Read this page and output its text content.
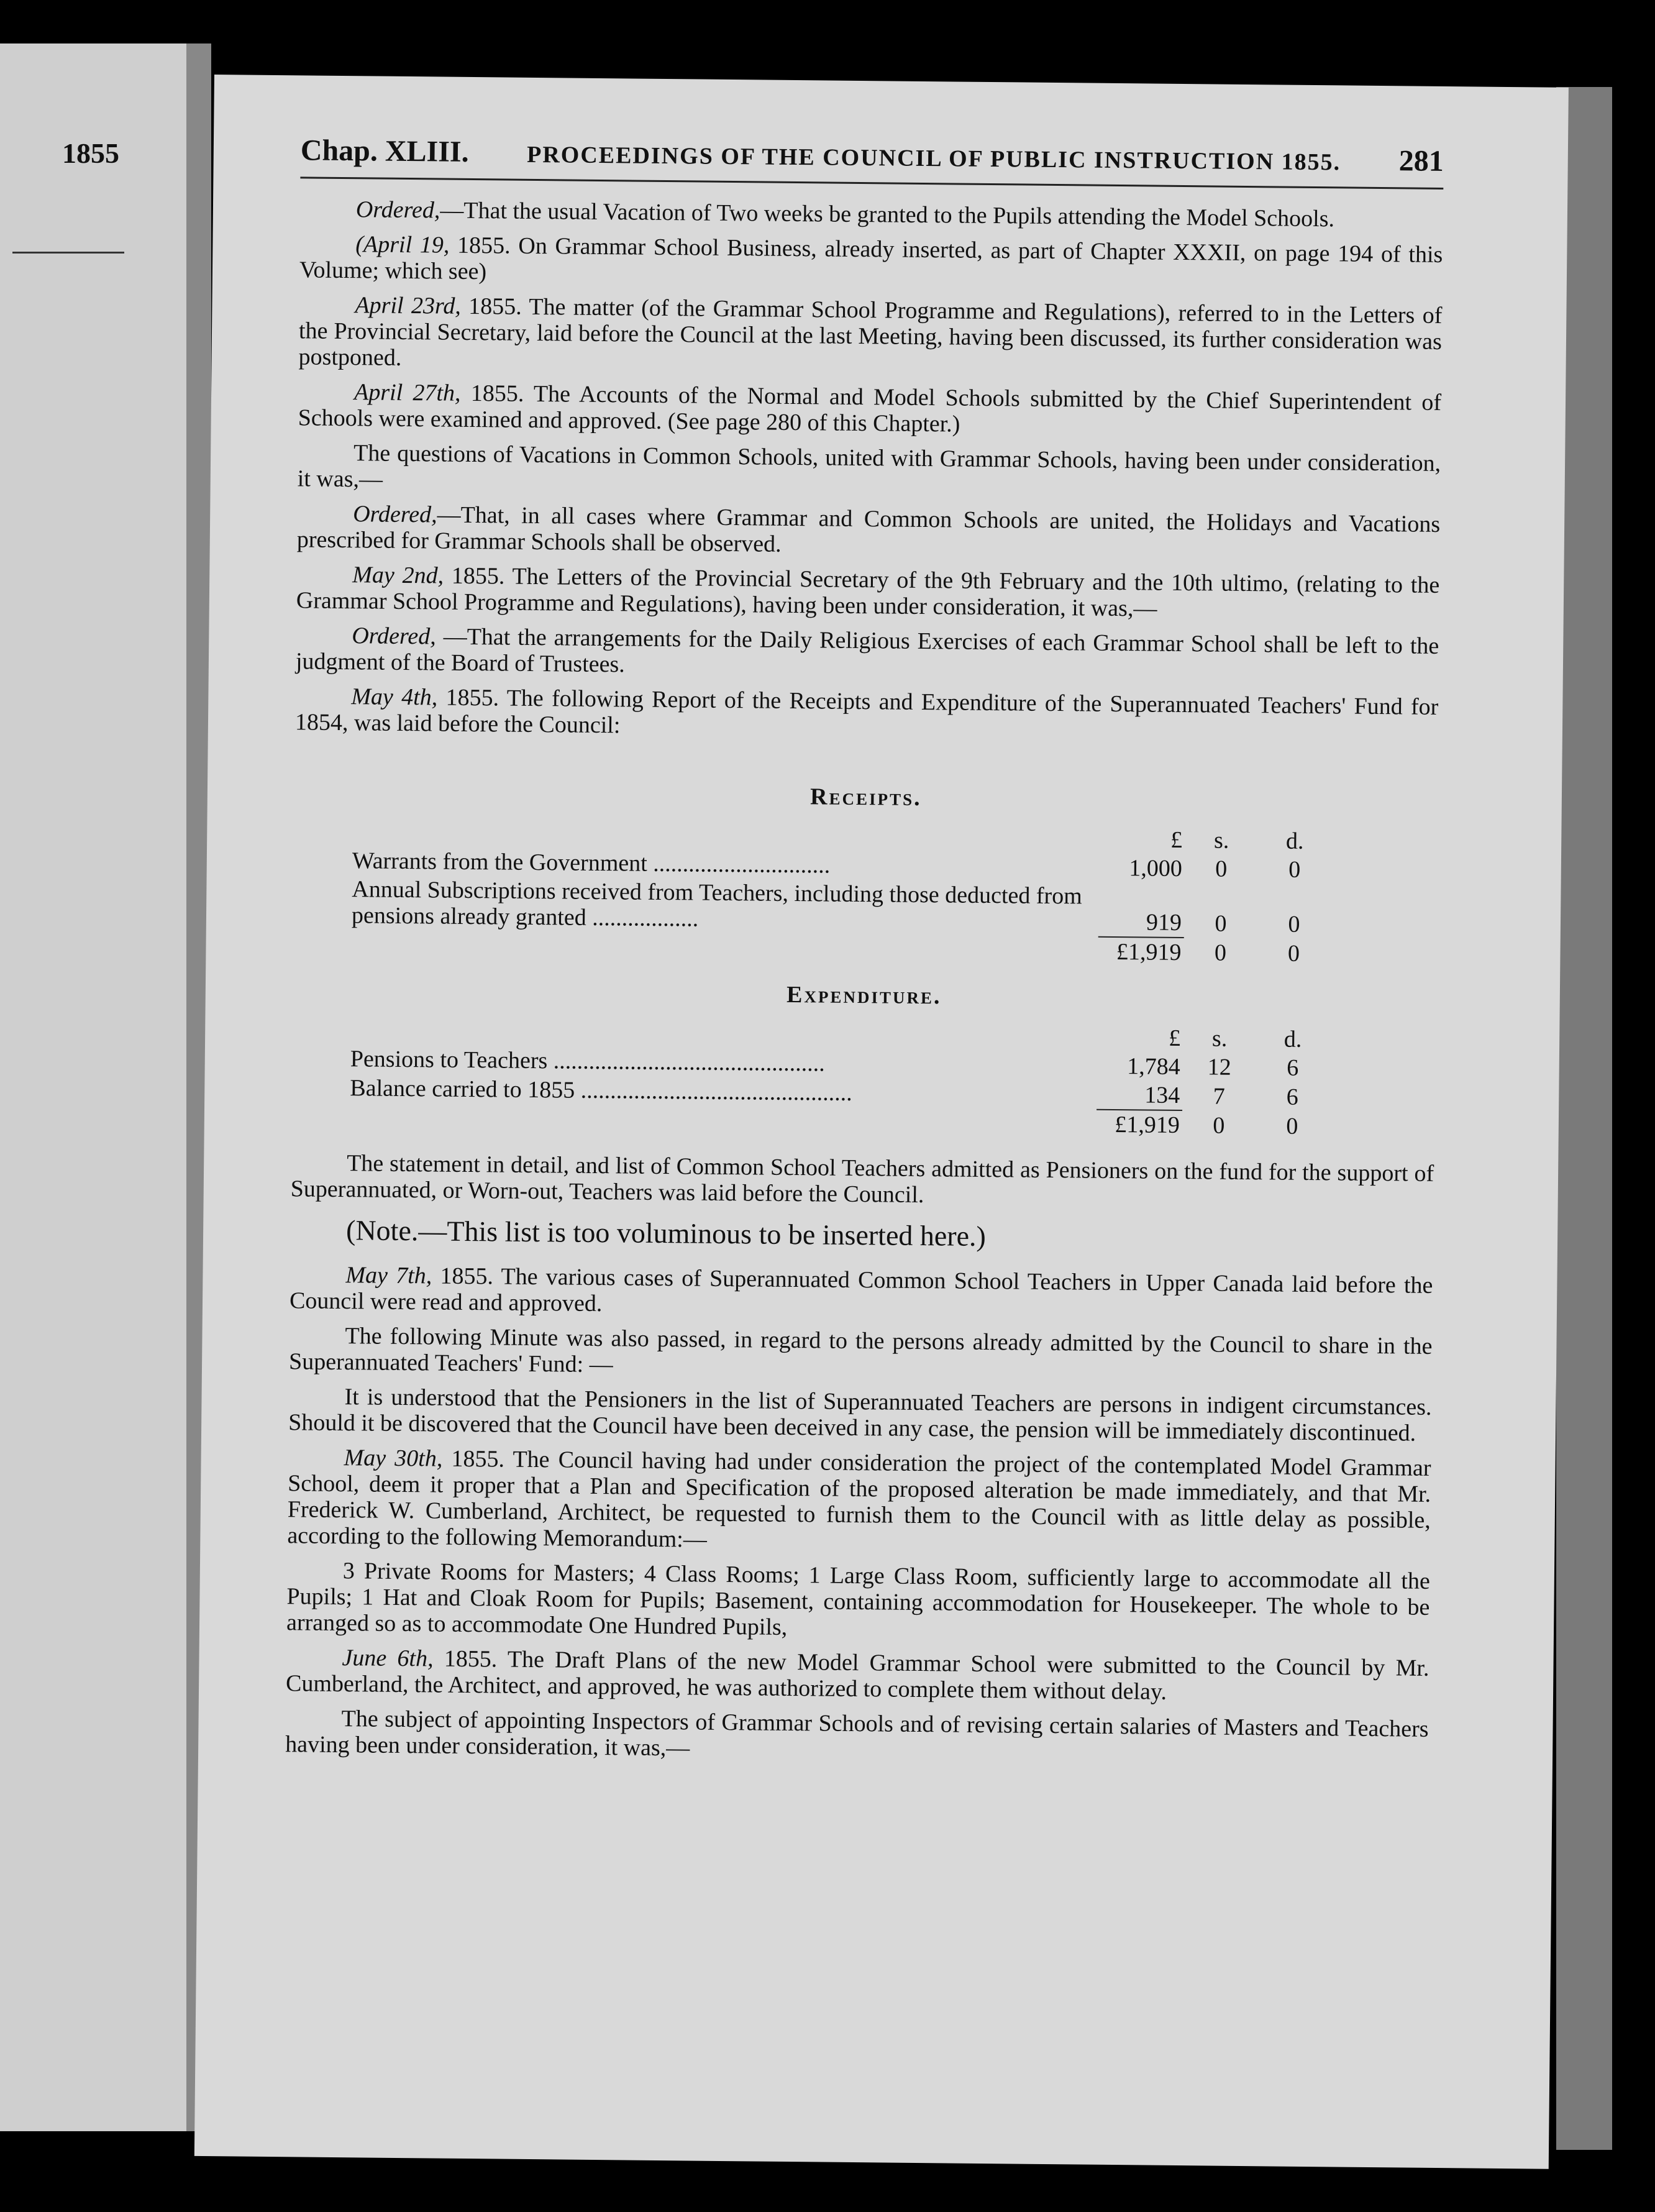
1855	Chap. XLIII. PROCEEDINGS OF THE COUNCIL OF PUBLIC INSTRUCTION 1855. 281

Ordered,—That the usual Vacation of Two weeks be granted to the Pupils attending the Model Schools.

(April 19, 1855. On Grammar School Business, already inserted, as part of Chapter XXXII, on page 194 of this Volume; which see)

April 23rd, 1855. The matter (of the Grammar School Programme and Regulations), referred to in the Letters of the Provincial Secretary, laid before the Council at the last Meeting, having been discussed, its further consideration was postponed.

April 27th, 1855. The Accounts of the Normal and Model Schools submitted by the Chief Superintendent of Schools were examined and approved. (See page 280 of this Chapter.)

The questions of Vacations in Common Schools, united with Grammar Schools, having been under consideration, it was,—

Ordered,—That, in all cases where Grammar and Common Schools are united, the Holidays and Vacations prescribed for Grammar Schools shall be observed.

May 2nd, 1855. The Letters of the Provincial Secretary of the 9th February and the 10th ultimo, (relating to the Grammar School Programme and Regulations), having been under consideration, it was,—

Ordered, —That the arrangements for the Daily Religious Exercises of each Grammar School shall be left to the judgment of the Board of Trustees.

May 4th, 1855. The following Report of the Receipts and Expenditure of the Superannuated Teachers' Fund for 1854, was laid before the Council:

Receipts.
	£	s.	d.
Warrants from the Government ..............................	1,000	0	0
Annual Subscriptions received from Teachers, including those deducted from pensions already granted ..................	919	0	0
	£1,919	0	0
Expenditure.
	£	s.	d.
Pensions to Teachers ..............................................	1,784	12	6
Balance carried to 1855 ..............................................	134	7	6
	£1,919	0	0

The statement in detail, and list of Common School Teachers admitted as Pensioners on the fund for the support of Superannuated, or Worn-out, Teachers was laid before the Council.

(Note.—This list is too voluminous to be inserted here.)

May 7th, 1855. The various cases of Superannuated Common School Teachers in Upper Canada laid before the Council were read and approved.

The following Minute was also passed, in regard to the persons already admitted by the Council to share in the Superannuated Teachers' Fund: —

It is understood that the Pensioners in the list of Superannuated Teachers are persons in indigent circumstances. Should it be discovered that the Council have been deceived in any case, the pension will be immediately discontinued.

May 30th, 1855. The Council having had under consideration the project of the contemplated Model Grammar School, deem it proper that a Plan and Specification of the proposed alteration be made immediately, and that Mr. Frederick W. Cumberland, Architect, be requested to furnish them to the Council with as little delay as possible, according to the following Memorandum:—

3 Private Rooms for Masters; 4 Class Rooms; 1 Large Class Room, sufficiently large to accommodate all the Pupils; 1 Hat and Cloak Room for Pupils; Basement, containing accommodation for Housekeeper. The whole to be arranged so as to accommodate One Hundred Pupils,

June 6th, 1855. The Draft Plans of the new Model Grammar School were submitted to the Council by Mr. Cumberland, the Architect, and approved, he was authorized to complete them without delay.

The subject of appointing Inspectors of Grammar Schools and of revising certain salaries of Masters and Teachers having been under consideration, it was,—
